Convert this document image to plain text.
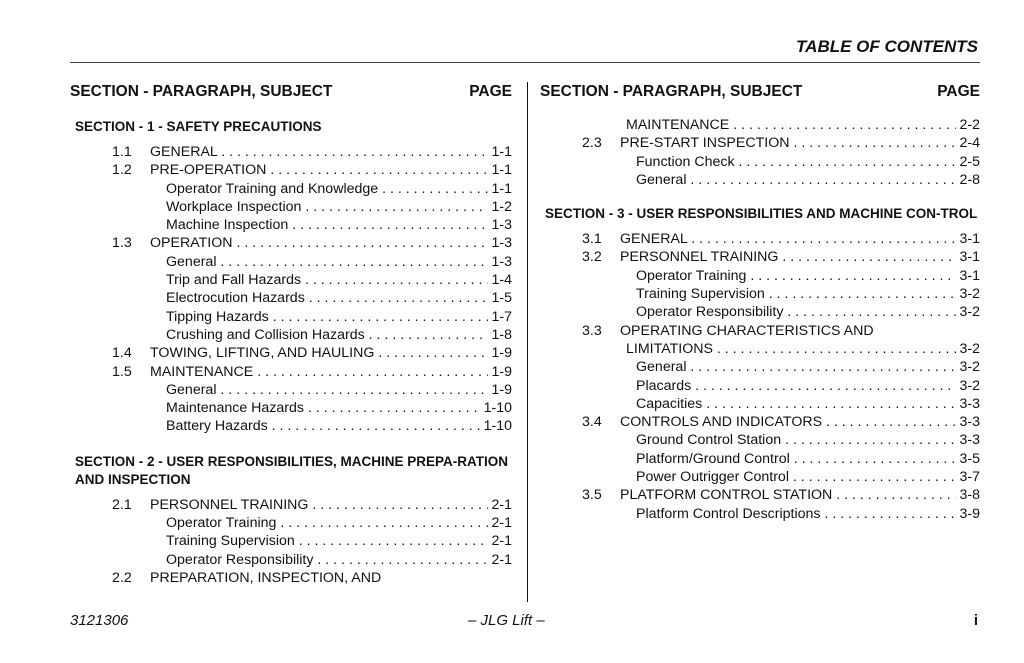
TABLE OF CONTENTS
SECTION - PARAGRAPH, SUBJECT	PAGE
SECTION - 1 - SAFETY PRECAUTIONS
1.1	GENERAL . . .	1-1
1.2	PRE-OPERATION . . .	1-1
Operator Training and Knowledge . . .	1-1
Workplace Inspection . . .	1-2
Machine Inspection . . .	1-3
1.3	OPERATION . . .	1-3
General . . .	1-3
Trip and Fall Hazards . . .	1-4
Electrocution Hazards . . .	1-5
Tipping Hazards . . .	1-7
Crushing and Collision Hazards . . .	1-8
1.4	TOWING, LIFTING, AND HAULING . . .	1-9
1.5	MAINTENANCE . . .	1-9
General . . .	1-9
Maintenance Hazards . . .	1-10
Battery Hazards . . .	1-10
SECTION - 2 - USER RESPONSIBILITIES, MACHINE PREPA-RATION AND INSPECTION
2.1	PERSONNEL TRAINING . . .	2-1
Operator Training . . .	2-1
Training Supervision . . .	2-1
Operator Responsibility . . .	2-1
2.2	PREPARATION, INSPECTION, AND
SECTION - PARAGRAPH, SUBJECT	PAGE
MAINTENANCE . . .	2-2
2.3	PRE-START INSPECTION . . .	2-4
Function Check . . .	2-5
General . . .	2-8
SECTION - 3 - USER RESPONSIBILITIES AND MACHINE CON-TROL
3.1	GENERAL . . .	3-1
3.2	PERSONNEL TRAINING . . .	3-1
Operator Training . . .	3-1
Training Supervision . . .	3-2
Operator Responsibility . . .	3-2
3.3	OPERATING CHARACTERISTICS AND
LIMITATIONS . . .	3-2
General . . .	3-2
Placards . . .	3-2
Capacities . . .	3-3
3.4	CONTROLS AND INDICATORS . . .	3-3
Ground Control Station . . .	3-3
Platform/Ground Control . . .	3-5
Power Outrigger Control . . .	3-7
3.5	PLATFORM CONTROL STATION . . .	3-8
Platform Control Descriptions . . .	3-9
3121306	– JLG Lift –	i
